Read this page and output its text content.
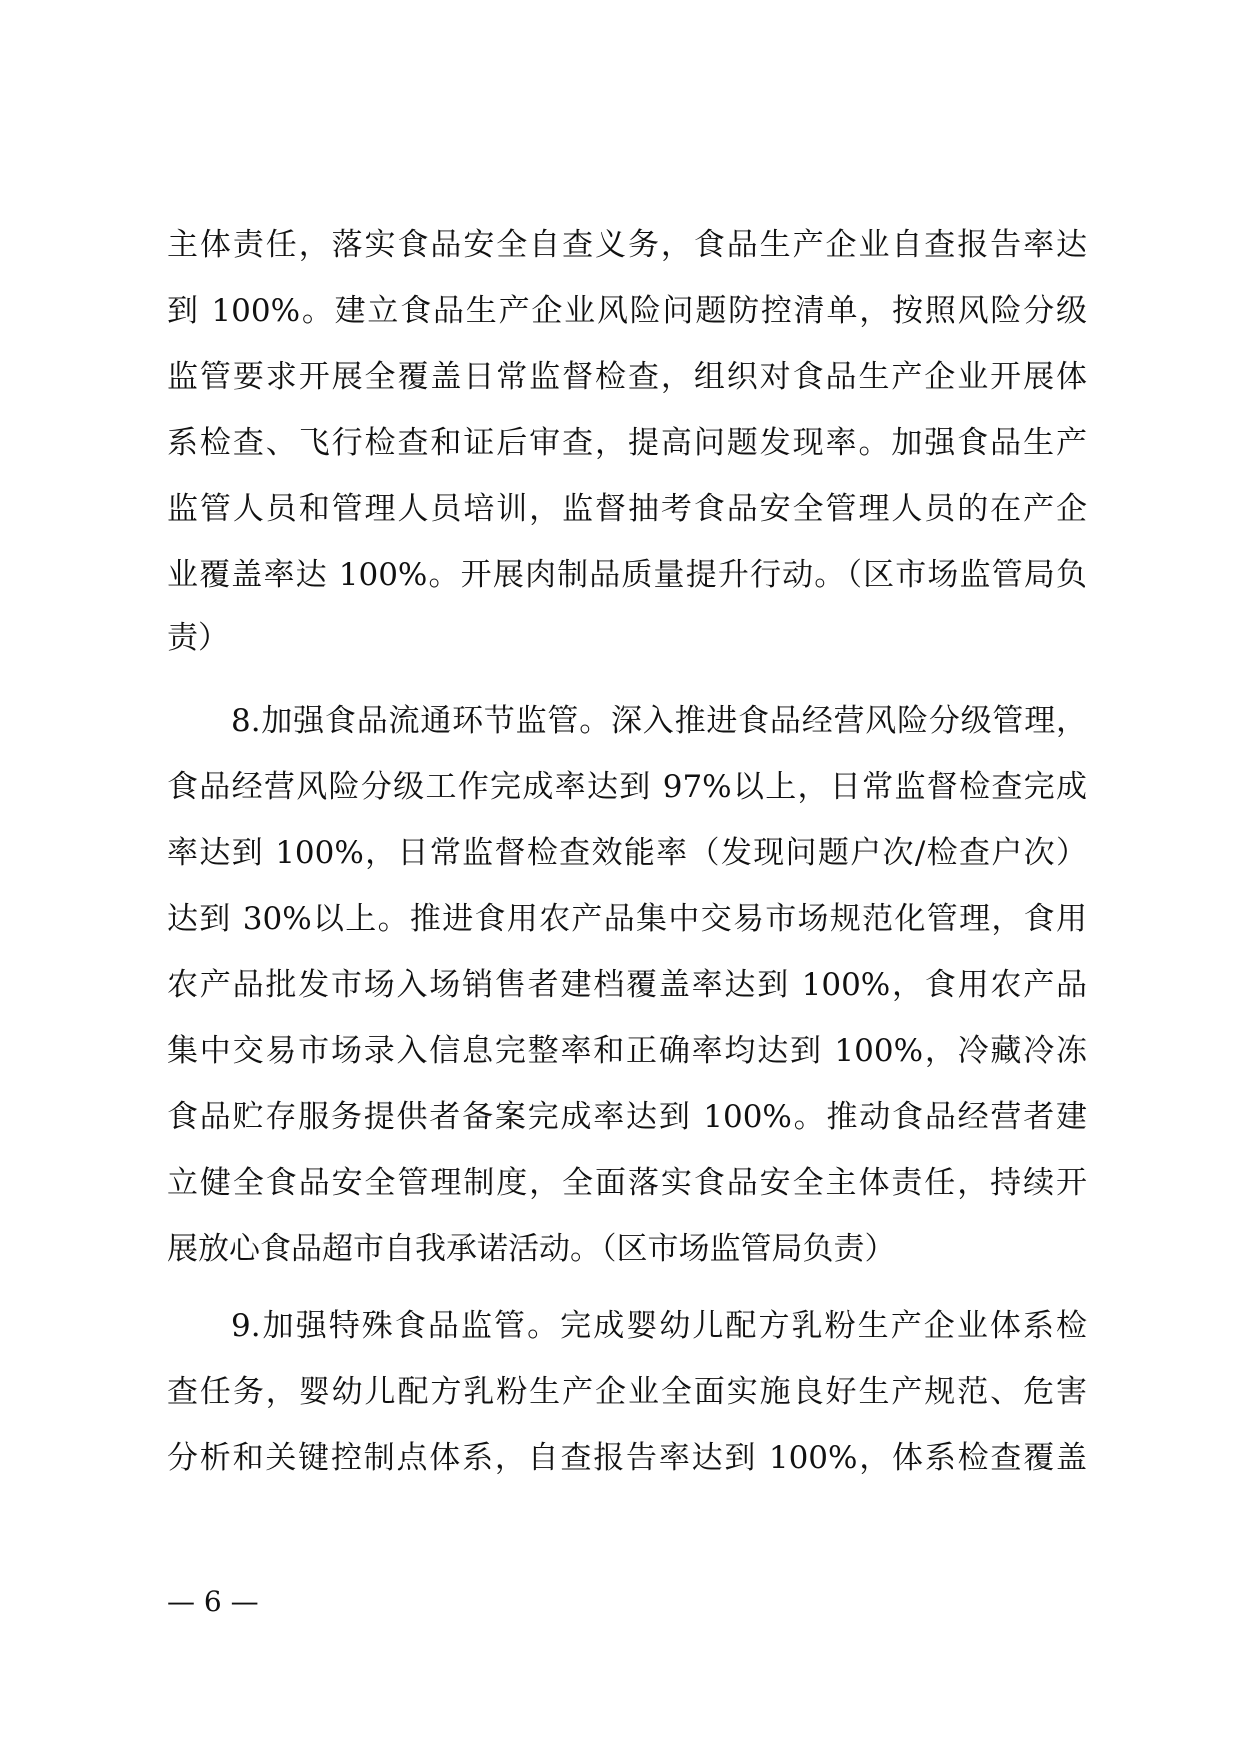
主体责任，落实食品安全自查义务，食品生产企业自查报告率达
到 100%。建立食品生产企业风险问题防控清单，按照风险分级
监管要求开展全覆盖日常监督检查，组织对食品生产企业开展体
系检查、飞行检查和证后审查，提高问题发现率。加强食品生产
监管人员和管理人员培训，监督抽考食品安全管理人员的在产企
业覆盖率达 100%。开展肉制品质量提升行动。（区市场监管局负
责）
8.加强食品流通环节监管。深入推进食品经营风险分级管理，
食品经营风险分级工作完成率达到 97%以上，日常监督检查完成
率达到 100%，日常监督检查效能率（发现问题户次/检查户次）
达到 30%以上。推进食用农产品集中交易市场规范化管理，食用
农产品批发市场入场销售者建档覆盖率达到 100%，食用农产品
集中交易市场录入信息完整率和正确率均达到 100%，冷藏冷冻
食品贮存服务提供者备案完成率达到 100%。推动食品经营者建
立健全食品安全管理制度，全面落实食品安全主体责任，持续开
展放心食品超市自我承诺活动。（区市场监管局负责）
9.加强特殊食品监管。完成婴幼儿配方乳粉生产企业体系检
查任务，婴幼儿配方乳粉生产企业全面实施良好生产规范、危害
分析和关键控制点体系，自查报告率达到 100%，体系检查覆盖
— 6 —
